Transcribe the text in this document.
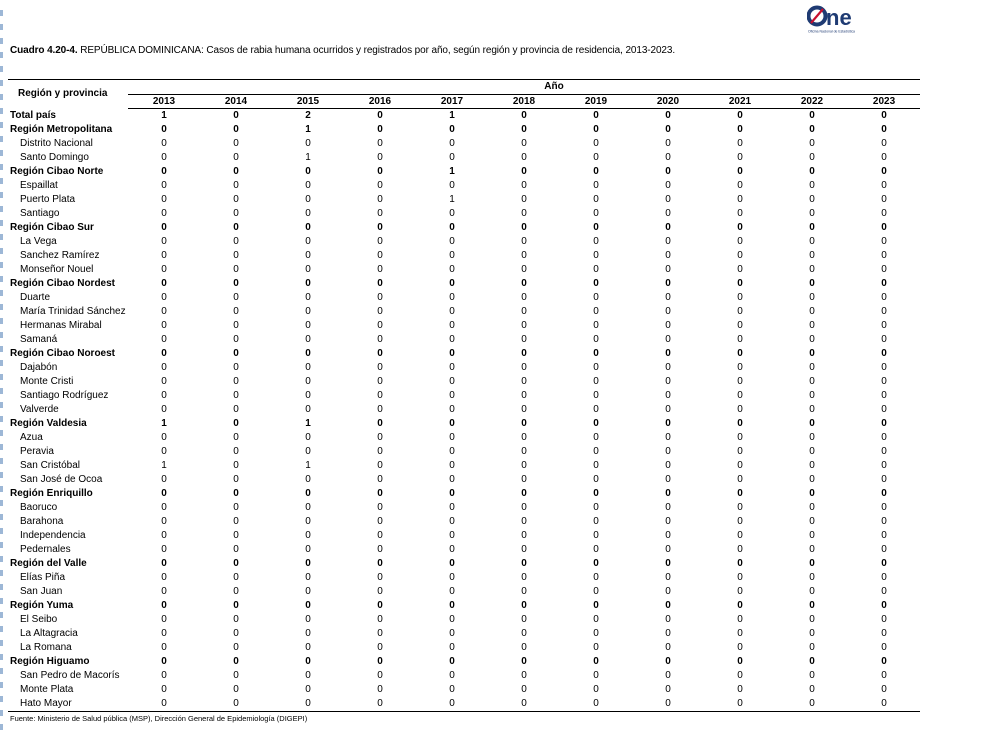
ne
Oficina Nacional de Estadística
Cuadro 4.20-4. REPÚBLICA DOMINICANA: Casos de rabia humana ocurridos y registrados por año, según región y provincia de residencia, 2013-2023.
Región y provincia	Año										
	2013	2014	2015	2016	2017	2018	2019	2020	2021	2022	2023
Total país	1	0	2	0	1	0	0	0	0	0	0
Región Metropolitana	0	0	1	0	0	0	0	0	0	0	0
Distrito Nacional	0	0	0	0	0	0	0	0	0	0	0
Santo Domingo	0	0	1	0	0	0	0	0	0	0	0
Región Cibao Norte	0	0	0	0	1	0	0	0	0	0	0
Espaillat	0	0	0	0	0	0	0	0	0	0	0
Puerto Plata	0	0	0	0	1	0	0	0	0	0	0
Santiago	0	0	0	0	0	0	0	0	0	0	0
Región Cibao Sur	0	0	0	0	0	0	0	0	0	0	0
La Vega	0	0	0	0	0	0	0	0	0	0	0
Sanchez Ramírez	0	0	0	0	0	0	0	0	0	0	0
Monseñor Nouel	0	0	0	0	0	0	0	0	0	0	0
Región Cibao Nordest	0	0	0	0	0	0	0	0	0	0	0
Duarte	0	0	0	0	0	0	0	0	0	0	0
María Trinidad Sánchez	0	0	0	0	0	0	0	0	0	0	0
Hermanas Mirabal	0	0	0	0	0	0	0	0	0	0	0
Samaná	0	0	0	0	0	0	0	0	0	0	0
Región Cibao Noroest	0	0	0	0	0	0	0	0	0	0	0
Dajabón	0	0	0	0	0	0	0	0	0	0	0
Monte Cristi	0	0	0	0	0	0	0	0	0	0	0
Santiago Rodríguez	0	0	0	0	0	0	0	0	0	0	0
Valverde	0	0	0	0	0	0	0	0	0	0	0
Región Valdesia	1	0	1	0	0	0	0	0	0	0	0
Azua	0	0	0	0	0	0	0	0	0	0	0
Peravia	0	0	0	0	0	0	0	0	0	0	0
San Cristóbal	1	0	1	0	0	0	0	0	0	0	0
San José de Ocoa	0	0	0	0	0	0	0	0	0	0	0
Región Enriquillo	0	0	0	0	0	0	0	0	0	0	0
Baoruco	0	0	0	0	0	0	0	0	0	0	0
Barahona	0	0	0	0	0	0	0	0	0	0	0
Independencia	0	0	0	0	0	0	0	0	0	0	0
Pedernales	0	0	0	0	0	0	0	0	0	0	0
Región del Valle	0	0	0	0	0	0	0	0	0	0	0
Elías Piña	0	0	0	0	0	0	0	0	0	0	0
San Juan	0	0	0	0	0	0	0	0	0	0	0
Región Yuma	0	0	0	0	0	0	0	0	0	0	0
El Seibo	0	0	0	0	0	0	0	0	0	0	0
La Altagracia	0	0	0	0	0	0	0	0	0	0	0
La Romana	0	0	0	0	0	0	0	0	0	0	0
Región Higuamo	0	0	0	0	0	0	0	0	0	0	0
San Pedro de Macorís	0	0	0	0	0	0	0	0	0	0	0
Monte Plata	0	0	0	0	0	0	0	0	0	0	0
Hato Mayor	0	0	0	0	0	0	0	0	0	0	0
Fuente: Ministerio de Salud pública (MSP), Dirección General de Epidemiología (DIGEPI)
